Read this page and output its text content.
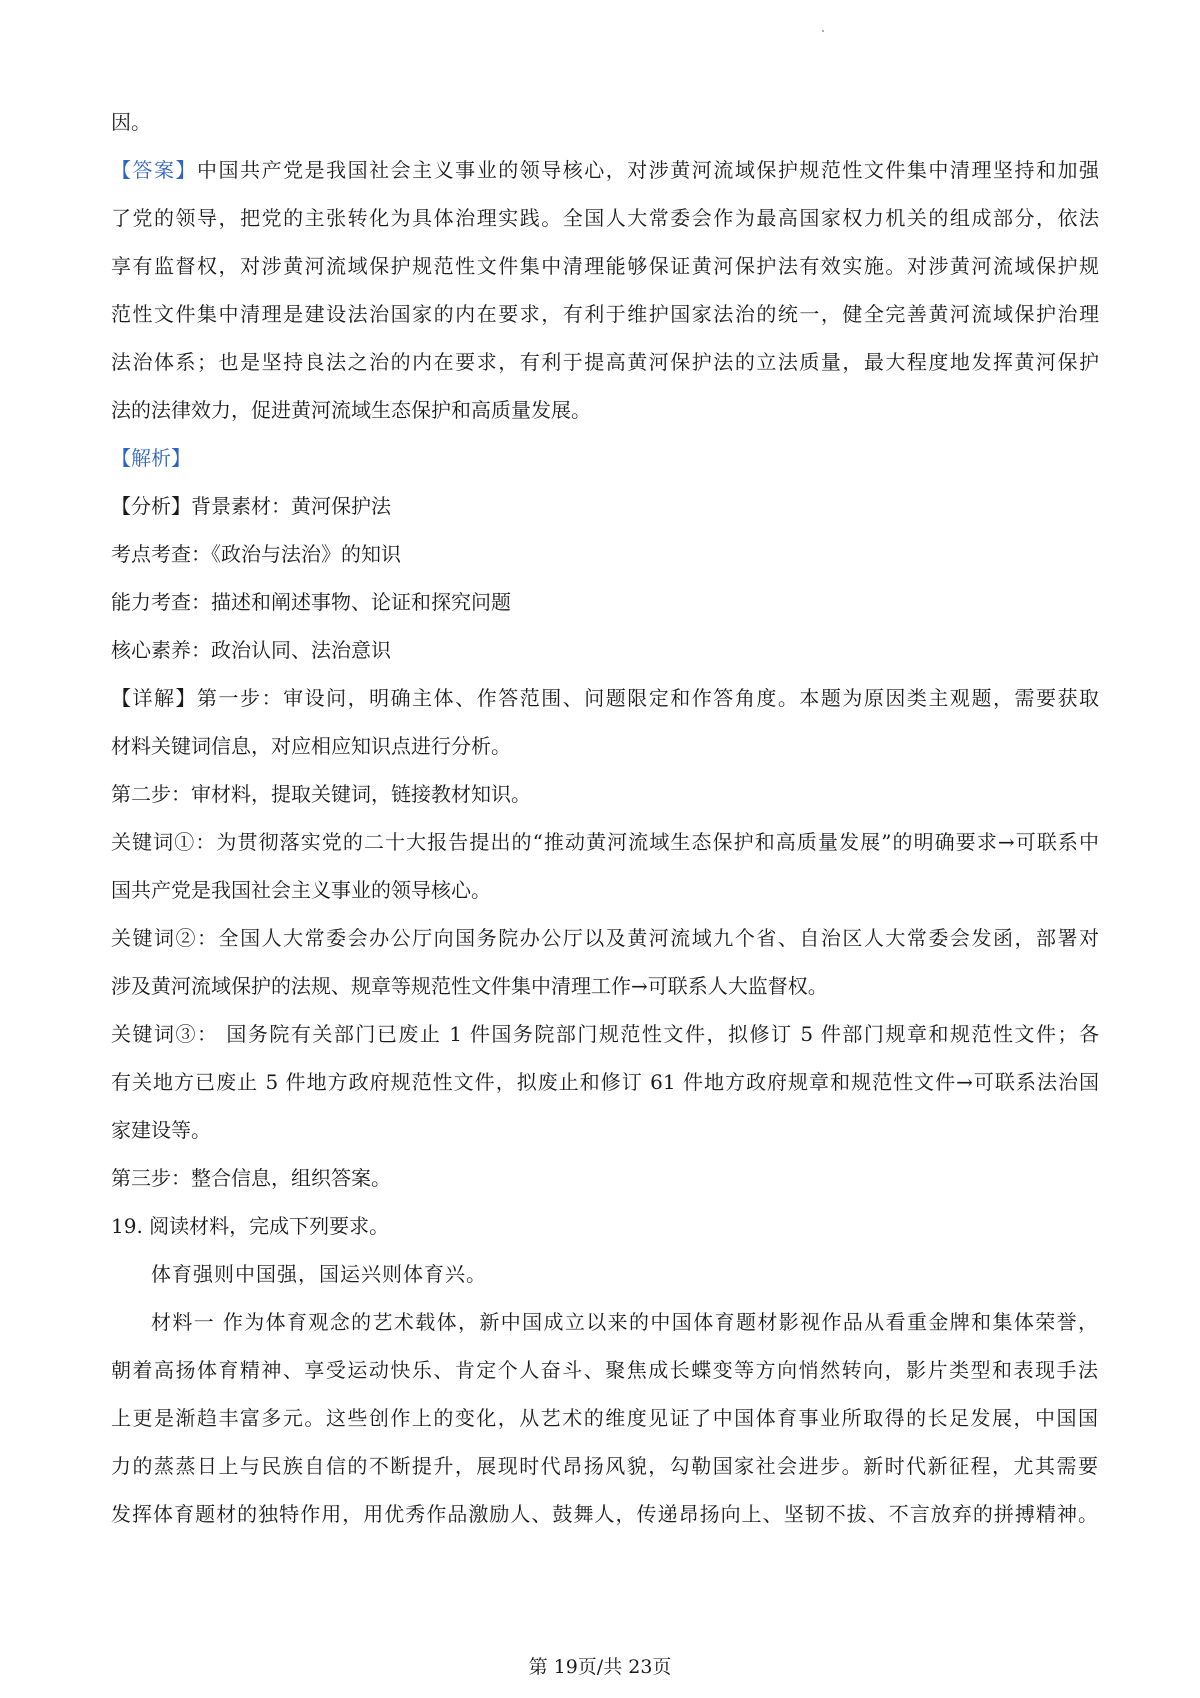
因。

【答案】中国共产党是我国社会主义事业的领导核心，对涉黄河流域保护规范性文件集中清理坚持和加强

了党的领导，把党的主张转化为具体治理实践。全国人大常委会作为最高国家权力机关的组成部分，依法

享有监督权，对涉黄河流域保护规范性文件集中清理能够保证黄河保护法有效实施。对涉黄河流域保护规

范性文件集中清理是建设法治国家的内在要求，有利于维护国家法治的统一，健全完善黄河流域保护治理

法治体系；也是坚持良法之治的内在要求，有利于提高黄河保护法的立法质量，最大程度地发挥黄河保护

法的法律效力，促进黄河流域生态保护和高质量发展。

【解析】

【分析】背景素材：黄河保护法

考点考查：《政治与法治》的知识

能力考查：描述和阐述事物、论证和探究问题

核心素养：政治认同、法治意识

【详解】第一步：审设问，明确主体、作答范围、问题限定和作答角度。本题为原因类主观题，需要获取

材料关键词信息，对应相应知识点进行分析。

第二步：审材料，提取关键词，链接教材知识。

关键词①：为贯彻落实党的二十大报告提出的“推动黄河流域生态保护和高质量发展”的明确要求→可联系中

国共产党是我国社会主义事业的领导核心。

关键词②：全国人大常委会办公厅向国务院办公厅以及黄河流域九个省、自治区人大常委会发函，部署对

涉及黄河流域保护的法规、规章等规范性文件集中清理工作→可联系人大监督权。

关键词③： 国务院有关部门已废止 1 件国务院部门规范性文件，拟修订 5 件部门规章和规范性文件；各

有关地方已废止 5 件地方政府规范性文件，拟废止和修订 61 件地方政府规章和规范性文件→可联系法治国

家建设等。

第三步：整合信息，组织答案。

19. 阅读材料，完成下列要求。

体育强则中国强，国运兴则体育兴。

材料一 作为体育观念的艺术载体，新中国成立以来的中国体育题材影视作品从看重金牌和集体荣誉，

朝着高扬体育精神、享受运动快乐、肯定个人奋斗、聚焦成长蝶变等方向悄然转向，影片类型和表现手法

上更是渐趋丰富多元。这些创作上的变化，从艺术的维度见证了中国体育事业所取得的长足发展，中国国

力的蒸蒸日上与民族自信的不断提升，展现时代昂扬风貌，勾勒国家社会进步。新时代新征程，尤其需要

发挥体育题材的独特作用，用优秀作品激励人、鼓舞人，传递昂扬向上、坚韧不拔、不言放弃的拼搏精神。

第 19页/共 23页
